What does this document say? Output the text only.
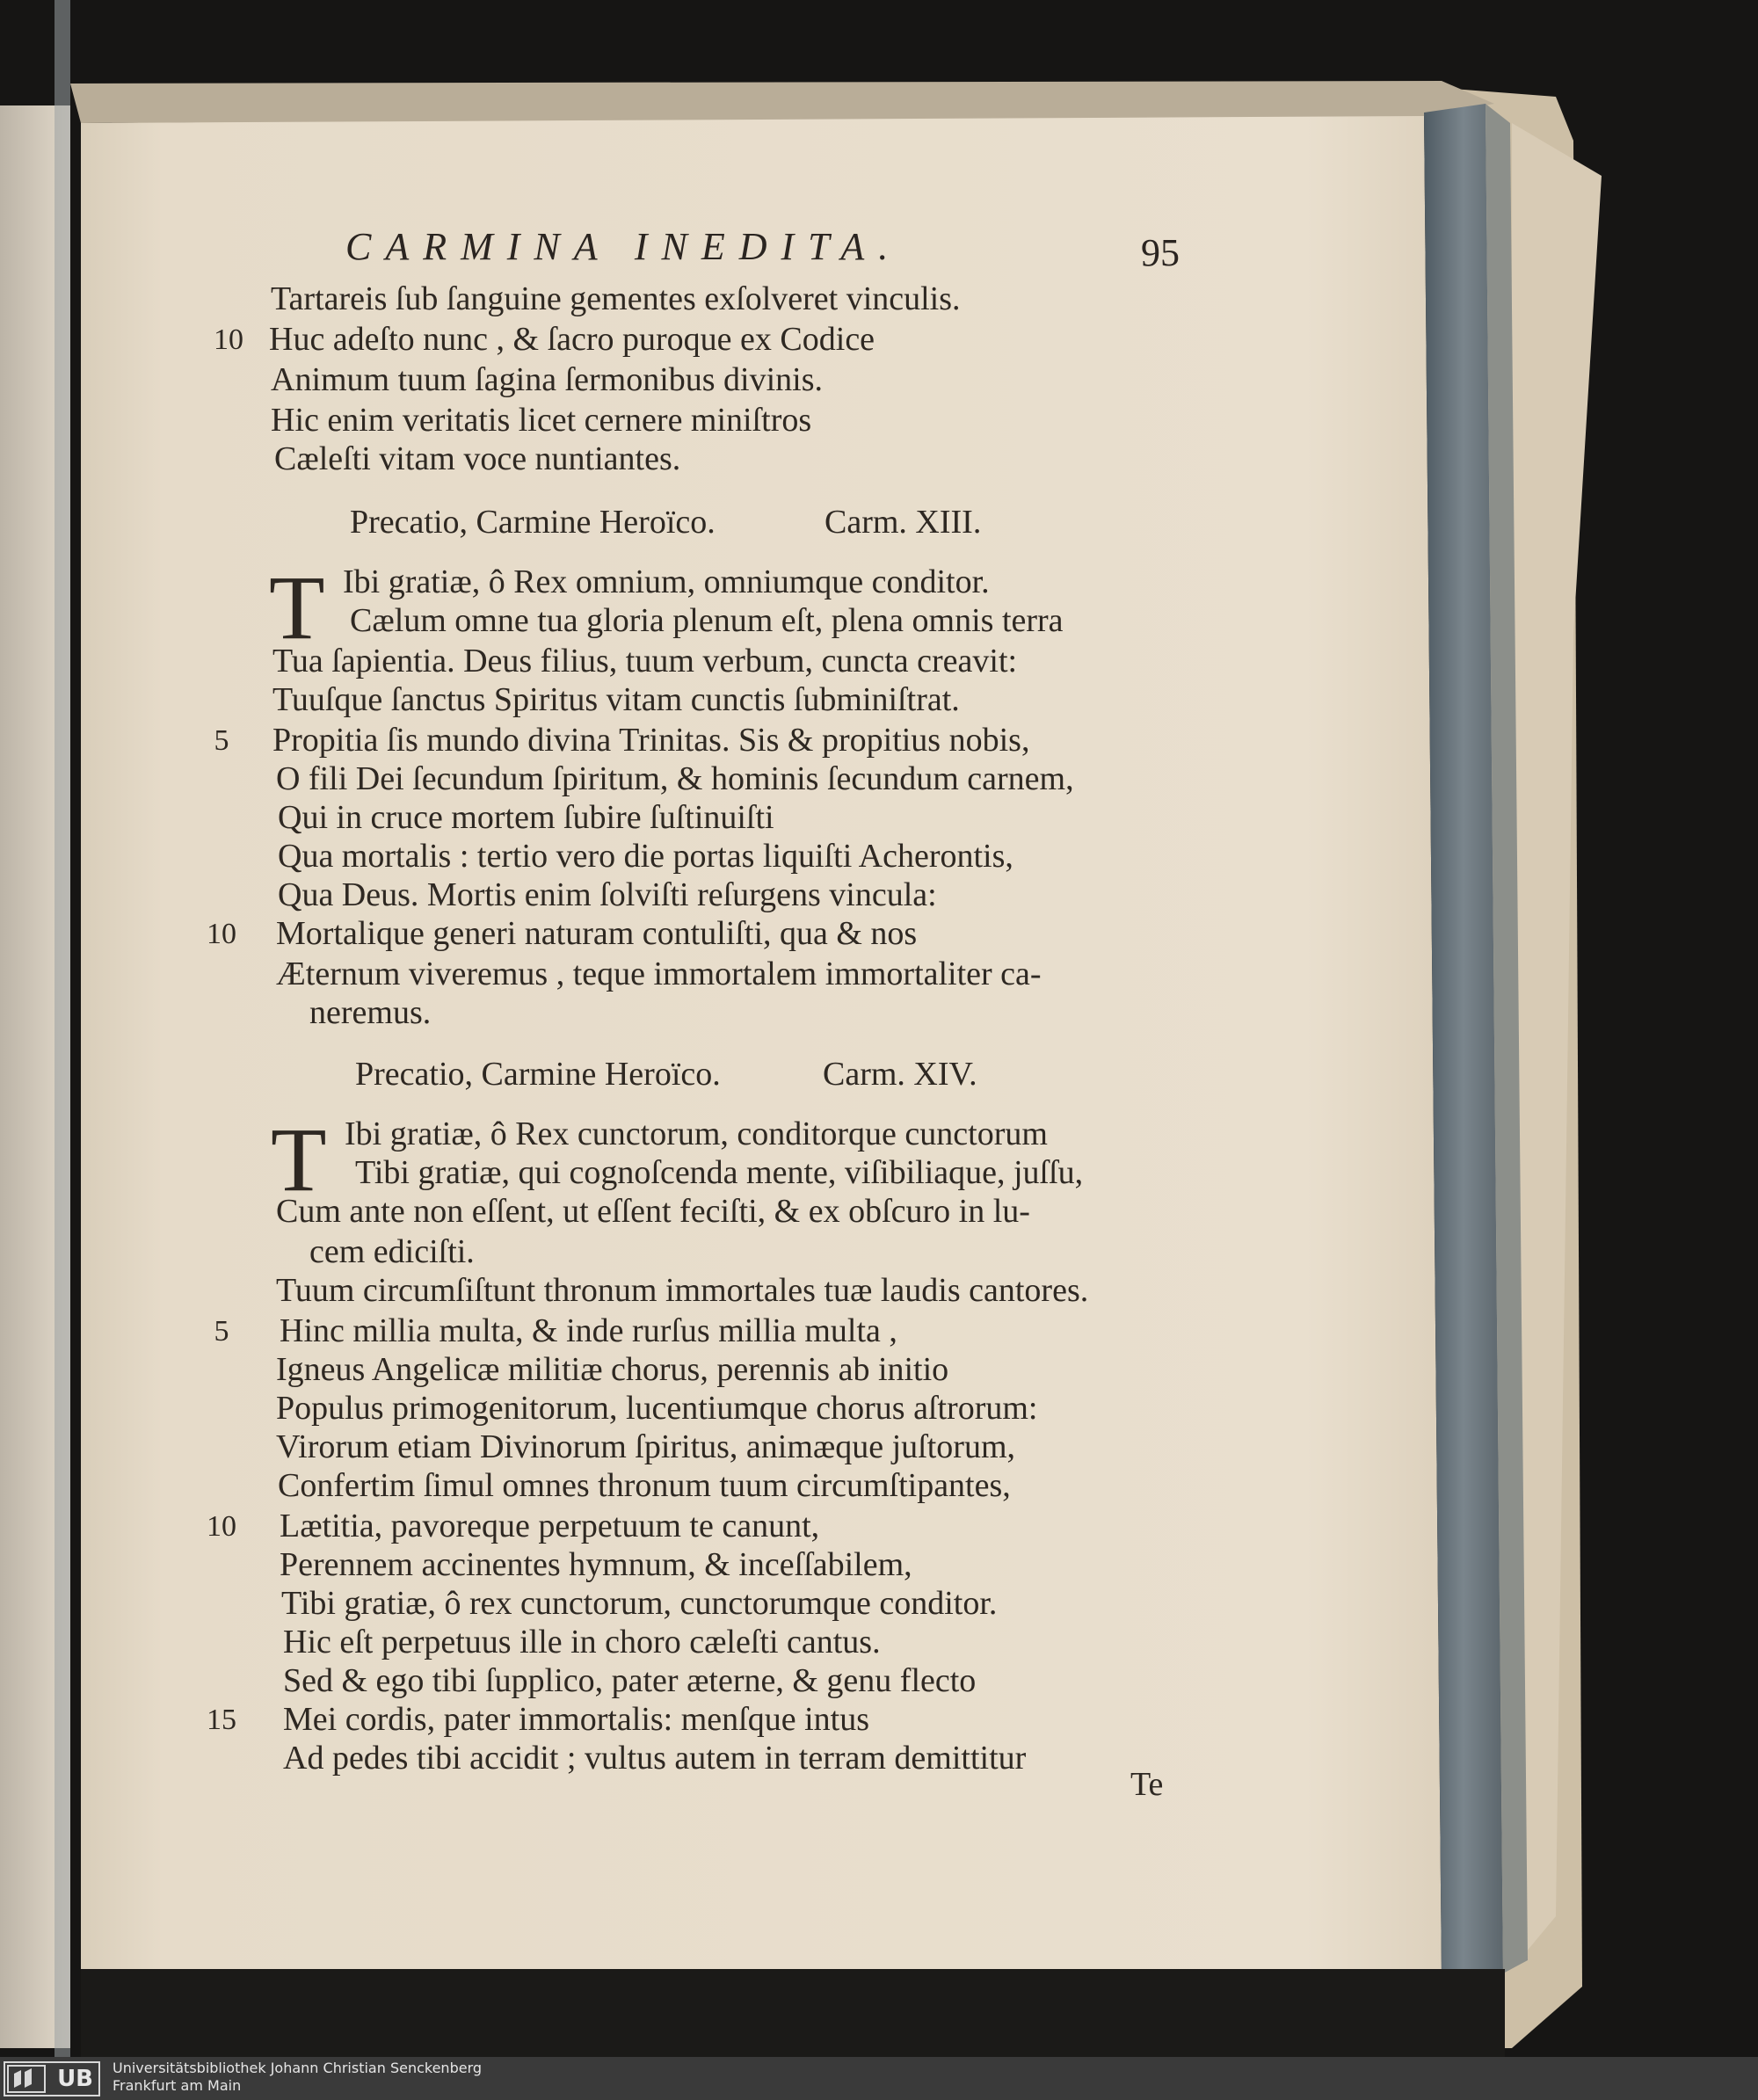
CARMINA INEDITA.	95
Tartareis ſub ſanguine gementes exſolveret vinculis.
Huc adeſto nunc , & ſacro puroque ex Codice
10
Animum tuum ſagina ſermonibus divinis.
Hic enim veritatis licet cernere miniſtros
Cæleſti vitam voce nuntiantes.
Precatio, Carmine Heroïco.	Carm. XIII.
T Ibi gratiæ, ô Rex omnium, omniumque conditor.
Cælum omne tua gloria plenum eſt, plena omnis terra
Tua ſapientia. Deus filius, tuum verbum, cuncta creavit:
Tuuſque ſanctus Spiritus vitam cunctis ſubminiſtrat.
Propitia ſis mundo divina Trinitas. Sis & propitius nobis,
5
O fili Dei ſecundum ſpiritum, & hominis ſecundum carnem,
Qui in cruce mortem ſubire ſuſtinuiſti
Qua mortalis : tertio vero die portas liquiſti Acherontis,
Qua Deus. Mortis enim ſolviſti reſurgens vincula:
Mortalique generi naturam contuliſti, qua & nos
10
Æternum viveremus , teque immortalem immortaliter ca-
neremus.
Precatio, Carmine Heroïco.	Carm. XIV.
T Ibi gratiæ, ô Rex cunctorum, conditorque cunctorum
Tibi gratiæ, qui cognoſcenda mente, viſibiliaque, juſſu,
Cum ante non eſſent, ut eſſent feciſti, & ex obſcuro in lu-
cem ediciſti.
Tuum circumſiſtunt thronum immortales tuæ laudis cantores.
Hinc millia multa, & inde rurſus millia multa ,
5
Igneus Angelicæ militiæ chorus, perennis ab initio
Populus primogenitorum, lucentiumque chorus aſtrorum:
Virorum etiam Divinorum ſpiritus, animæque juſtorum,
Confertim ſimul omnes thronum tuum circumſtipantes,
Lætitia, pavoreque perpetuum te canunt,
10
Perennem accinentes hymnum, & inceſſabilem,
Tibi gratiæ, ô rex cunctorum, cunctorumque conditor.
Hic eſt perpetuus ille in choro cæleſti cantus.
Sed & ego tibi ſupplico, pater æterne, & genu flecto
Mei cordis, pater immortalis: menſque intus
15
Ad pedes tibi accidit ; vultus autem in terram demittitur
Te
UB	Universitätsbibliothek Johann Christian Senckenberg
Frankfurt am Main
